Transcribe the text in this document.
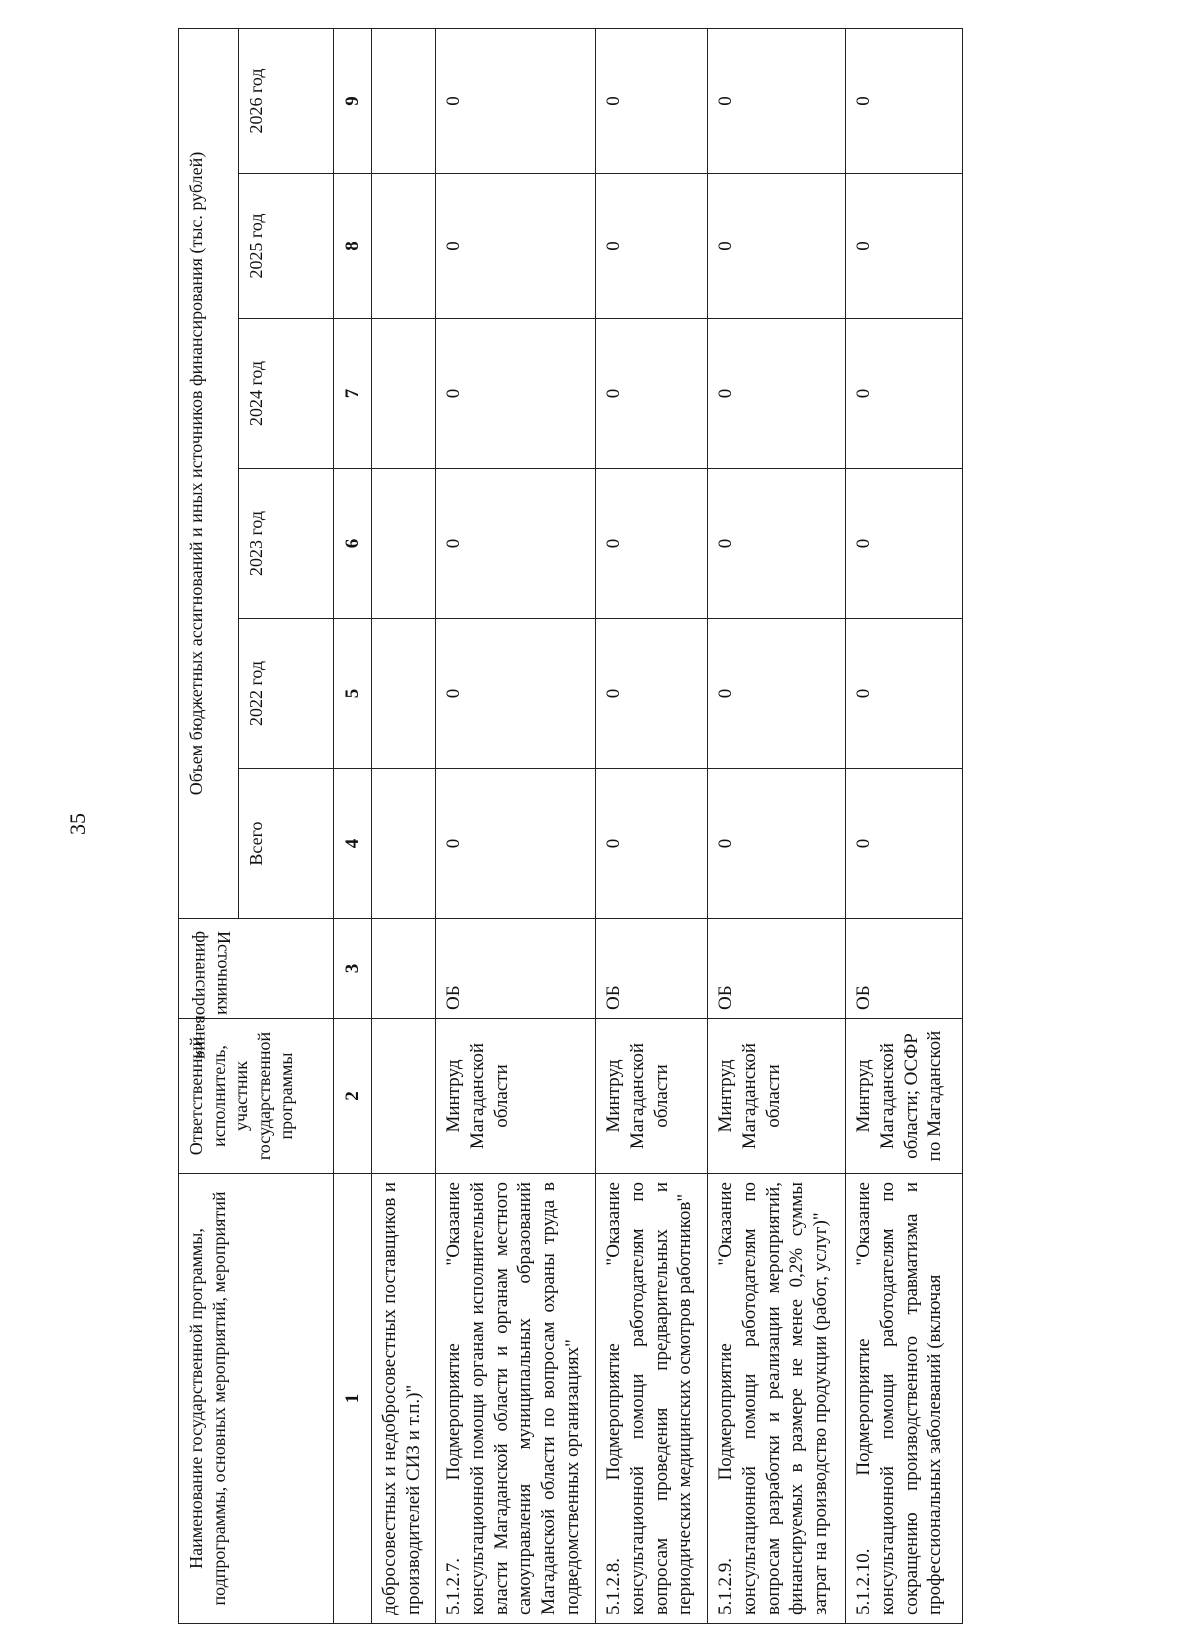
35
Наименование государственной программы, подпрограммы, основных мероприятий, мероприятий	Ответственный исполнитель, участник государственной программы	Источники финансирования	Объем бюджетных ассигнований и иных источников финансирования (тыс. рублей)					
			Всего	2022 год	2023 год	2024 год	2025 год	2026 год
1	2	3	4	5	6	7	8	9
добросовестных и недобросовестных поставщиков и производителей СИЗ и т.п.)"								
5.1.2.7. Подмероприятие "Оказание консультационной помощи органам исполнительной власти Магаданской области и органам местного самоуправления муниципальных образований Магаданской области по вопросам охраны труда в подведомственных организациях"	Минтруд Магаданской области	ОБ	0	0	0	0	0	0
5.1.2.8. Подмероприятие "Оказание консультационной помощи работодателям по вопросам проведения предварительных и периодических медицинских осмотров работников"	Минтруд Магаданской области	ОБ	0	0	0	0	0	0
5.1.2.9. Подмероприятие "Оказание консультационной помощи работодателям по вопросам разработки и реализации мероприятий, финансируемых в размере не менее 0,2% суммы затрат на производство продукции (работ, услуг)"	Минтруд Магаданской области	ОБ	0	0	0	0	0	0
5.1.2.10. Подмероприятие "Оказание консультационной помощи работодателям по сокращению производственного травматизма и профессиональных заболеваний (включая	Минтруд Магаданской области; ОСФР по Магаданской	ОБ	0	0	0	0	0	0
